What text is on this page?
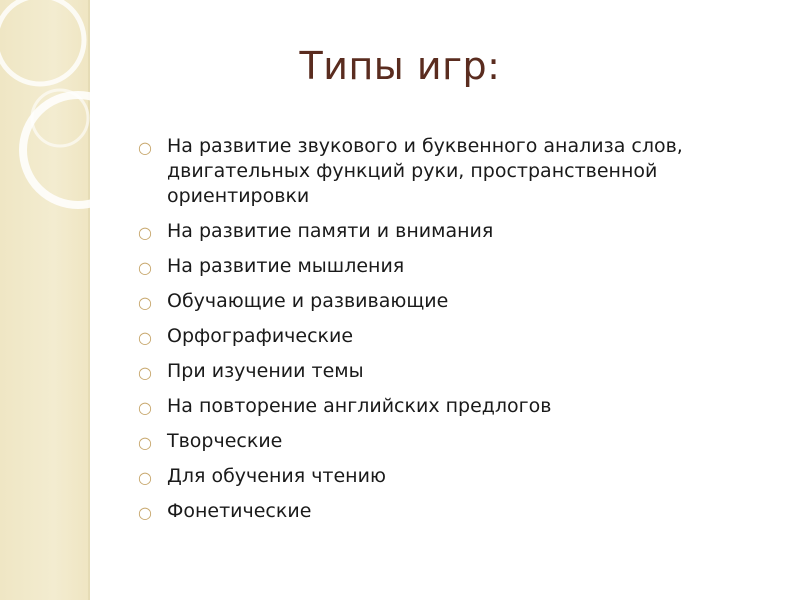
Типы игр:
○ На развитие звукового и буквенного анализа слов, двигательных функций руки, пространственной ориентировки
○ На развитие памяти и внимания
○ На развитие мышления
○ Обучающие и развивающие
○ Орфографические
○ При изучении темы
○ На повторение английских предлогов
○ Творческие
○ Для обучения чтению
○ Фонетические
